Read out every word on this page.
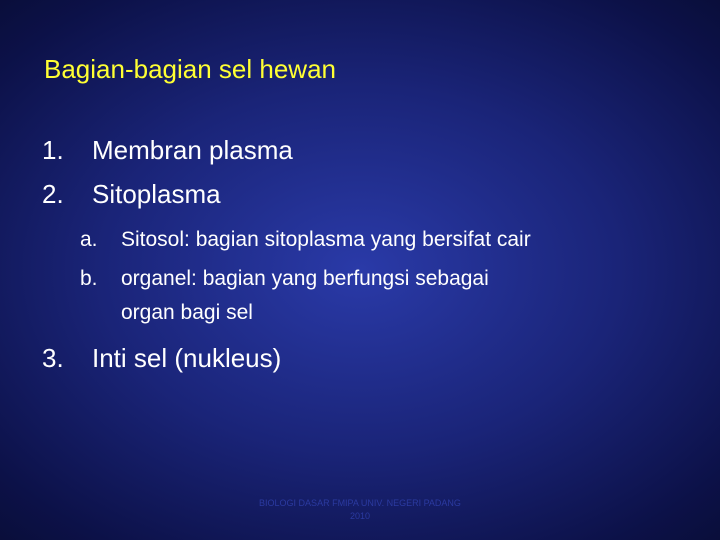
Bagian-bagian sel hewan
1. Membran plasma
2. Sitoplasma
a. Sitosol: bagian sitoplasma yang bersifat cair
b. organel: bagian yang berfungsi sebagai
organ bagi sel
3. Inti sel (nukleus)
BIOLOGI DASAR FMIPA UNIV. NEGERI PADANG
2010
